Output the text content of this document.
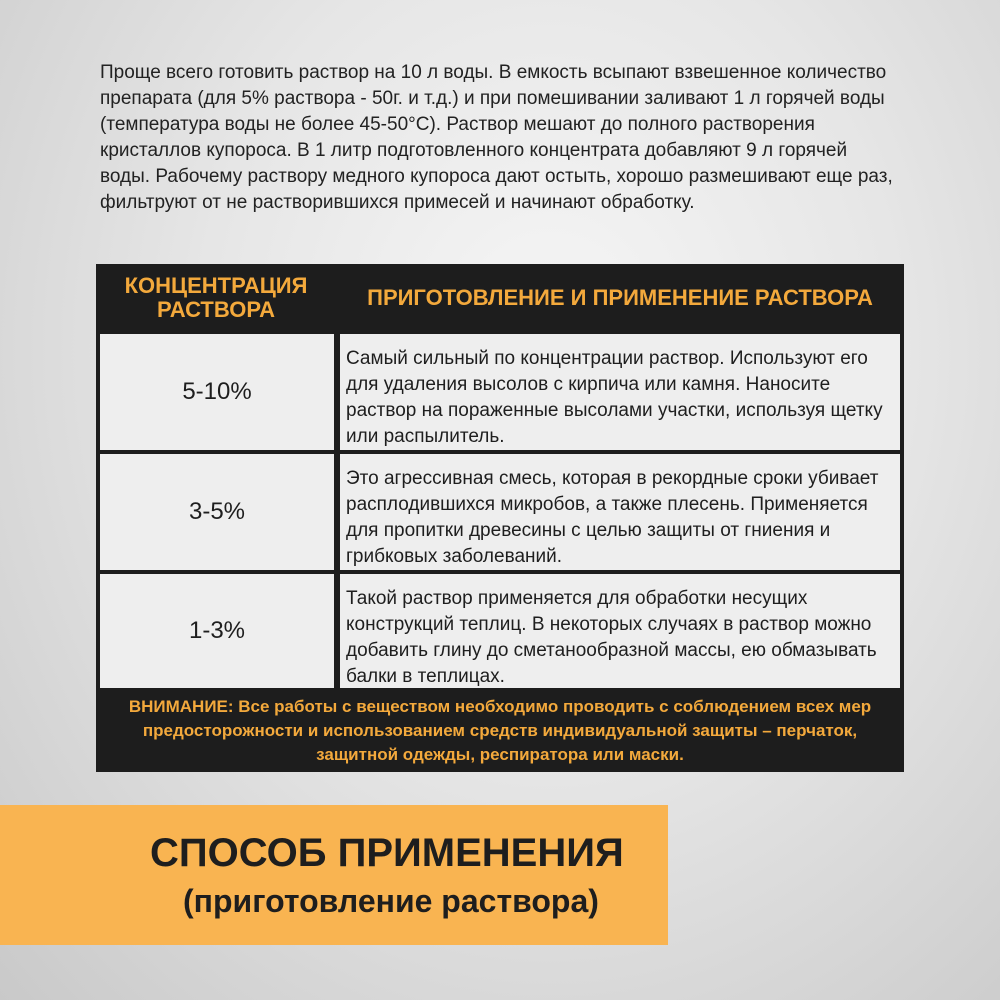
Проще всего готовить раствор на 10 л воды. В емкость всыпают взвешенное количество препарата (для 5% раствора - 50г. и т.д.) и при помешивании заливают 1 л горячей воды (температура воды не более 45-50°С). Раствор мешают до полного растворения кристаллов купороса. В 1 литр подготовленного концентрата добавляют 9 л горячей воды. Рабочему раствору медного купороса дают остыть, хорошо размешивают еще раз, фильтруют от не растворившихся примесей и начинают обработку.

КОНЦЕНТРАЦИЯ РАСТВОРА	ПРИГОТОВЛЕНИЕ И ПРИМЕНЕНИЕ РАСТВОРА
5-10%
Самый сильный по концентрации раствор. Используют его для удаления высолов с кирпича или камня. Наносите раствор на пораженные высолами участки, используя щетку или распылитель.
3-5%
Это агрессивная смесь, которая в рекордные сроки убивает расплодившихся микробов, а также плесень. Применяется для пропитки древесины с целью защиты от гниения и грибковых заболеваний.
1-3%
Такой раствор применяется для обработки несущих конструкций теплиц. В некоторых случаях в раствор можно добавить глину до сметанообразной массы, ею обмазывать балки в теплицах.

ВНИМАНИЕ: Все работы с веществом необходимо проводить с соблюдением всех мер предосторожности и использованием средств индивидуальной защиты – перчаток, защитной одежды, респиратора или маски.

СПОСОБ ПРИМЕНЕНИЯ
(приготовление раствора)
